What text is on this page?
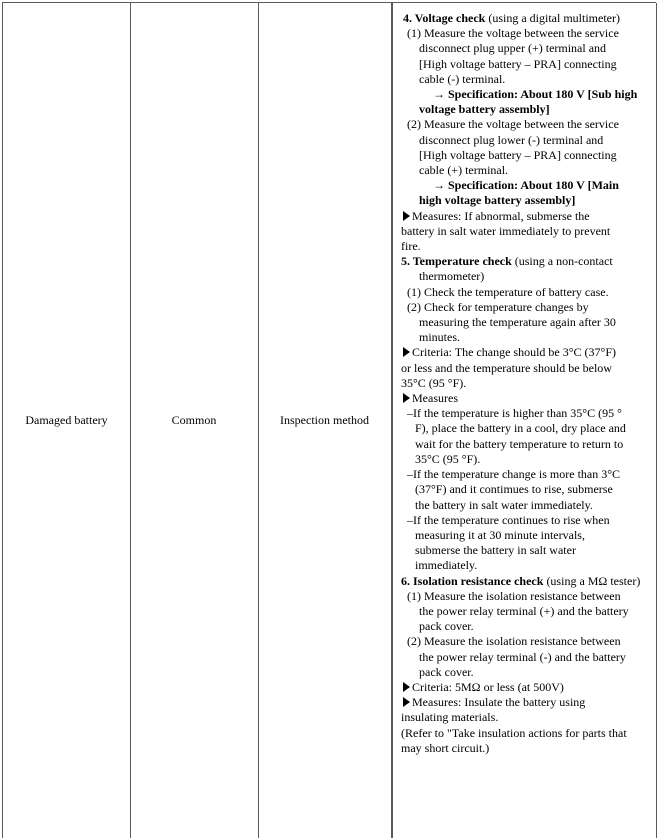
Damaged battery	Common	Inspection method
4. Voltage check (using a digital multimeter)
(1) Measure the voltage between the service
disconnect plug upper (+) terminal and
[High voltage battery – PRA] connecting
cable (-) terminal.
→ Specification: About 180 V [Sub high
voltage battery assembly]
(2) Measure the voltage between the service
disconnect plug lower (-) terminal and
[High voltage battery – PRA] connecting
cable (+) terminal.
→ Specification: About 180 V [Main
high voltage battery assembly]
Measures: If abnormal, submerse the
battery in salt water immediately to prevent
fire.
5. Temperature check (using a non-contact
thermometer)
(1) Check the temperature of battery case.
(2) Check for temperature changes by
measuring the temperature again after 30
minutes.
Criteria: The change should be 3°C (37°F)
or less and the temperature should be below
35°C (95 °F).
Measures
–If the temperature is higher than 35°C (95 °
F), place the battery in a cool, dry place and
wait for the battery temperature to return to
35°C (95 °F).
–If the temperature change is more than 3°C
(37°F) and it contimues to rise, submerse
the battery in salt water immediately.
–If the temperature continues to rise when
measuring it at 30 minute intervals,
submerse the battery in salt water
immediately.
6. Isolation resistance check (using a MΩ tester)
(1) Measure the isolation resistance between
the power relay terminal (+) and the battery
pack cover.
(2) Measure the isolation resistance between
the power relay terminal (-) and the battery
pack cover.
Criteria: 5MΩ or less (at 500V)
Measures: Insulate the battery using
insulating materials.
(Refer to "Take insulation actions for parts that
may short circuit.)
